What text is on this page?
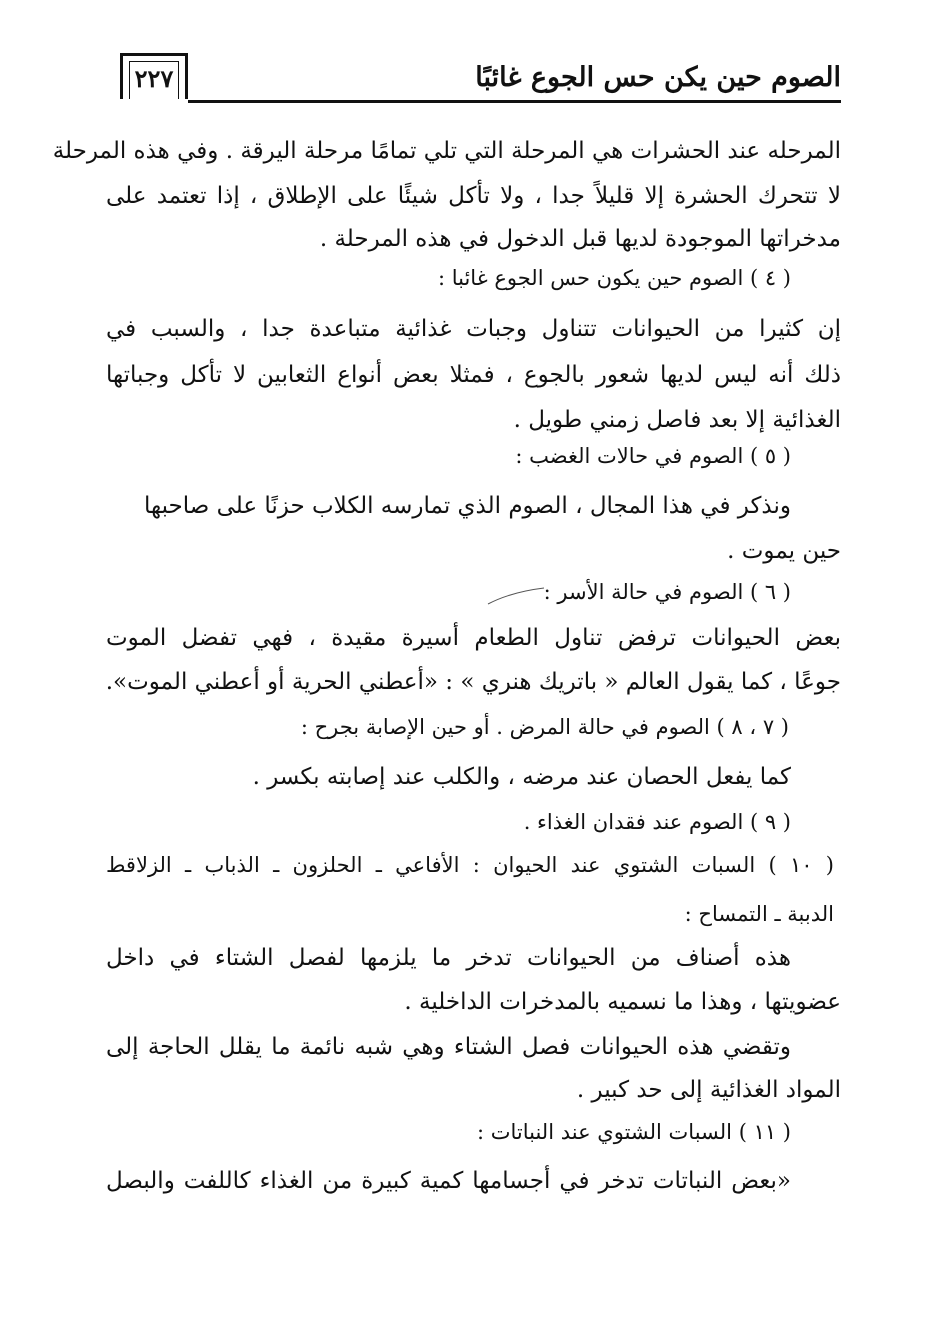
٢٢٧	الصوم حين يكن حس الجوع غائبًا
المرحله عند الحشرات هي المرحلة التي تلي تمامًا مرحلة اليرقة . وفي هذه المرحلة
لا تتحرك الحشرة إلا قليلاً جدا ، ولا تأكل شيئًا على الإطلاق ، إذا تعتمد على
مدخراتها الموجودة لديها قبل الدخول في هذه المرحلة .
( ٤ ) الصوم حين يكون حس الجوع غائبا :
إن كثيرا من الحيوانات تتناول وجبات غذائية متباعدة جدا ، والسبب في
ذلك أنه ليس لديها شعور بالجوع ، فمثلا بعض أنواع الثعابين لا تأكل وجباتها
الغذائية إلا بعد فاصل زمني طويل .
( ٥ ) الصوم في حالات الغضب :
ونذكر في هذا المجال ، الصوم الذي تمارسه الكلاب حزنًا على صاحبها
حين يموت .
( ٦ ) الصوم في حالة الأسر :
بعض الحيوانات ترفض تناول الطعام أسيرة مقيدة ، فهي تفضل الموت
جوعًا ، كما يقول العالم « باتريك هنري » : «أعطني الحرية أو أعطني الموت».
( ٧ ، ٨ ) الصوم في حالة المرض . أو حين الإصابة بجرح :
كما يفعل الحصان عند مرضه ، والكلب عند إصابته بكسر .
( ٩ ) الصوم عند فقدان الغذاء .
( ١٠ ) السبات الشتوي عند الحيوان : الأفاعي ـ الحلزون ـ الذباب ـ الزلاقط
الدببة ـ التمساح :
هذه أصناف من الحيوانات تدخر ما يلزمها لفصل الشتاء في داخل
عضويتها ، وهذا ما نسميه بالمدخرات الداخلية .
وتقضي هذه الحيوانات فصل الشتاء وهي شبه نائمة ما يقلل الحاجة إلى
المواد الغذائية إلى حد كبير .
( ١١ ) السبات الشتوي عند النباتات :
«بعض النباتات تدخر في أجسامها كمية كبيرة من الغذاء كاللفت والبصل
